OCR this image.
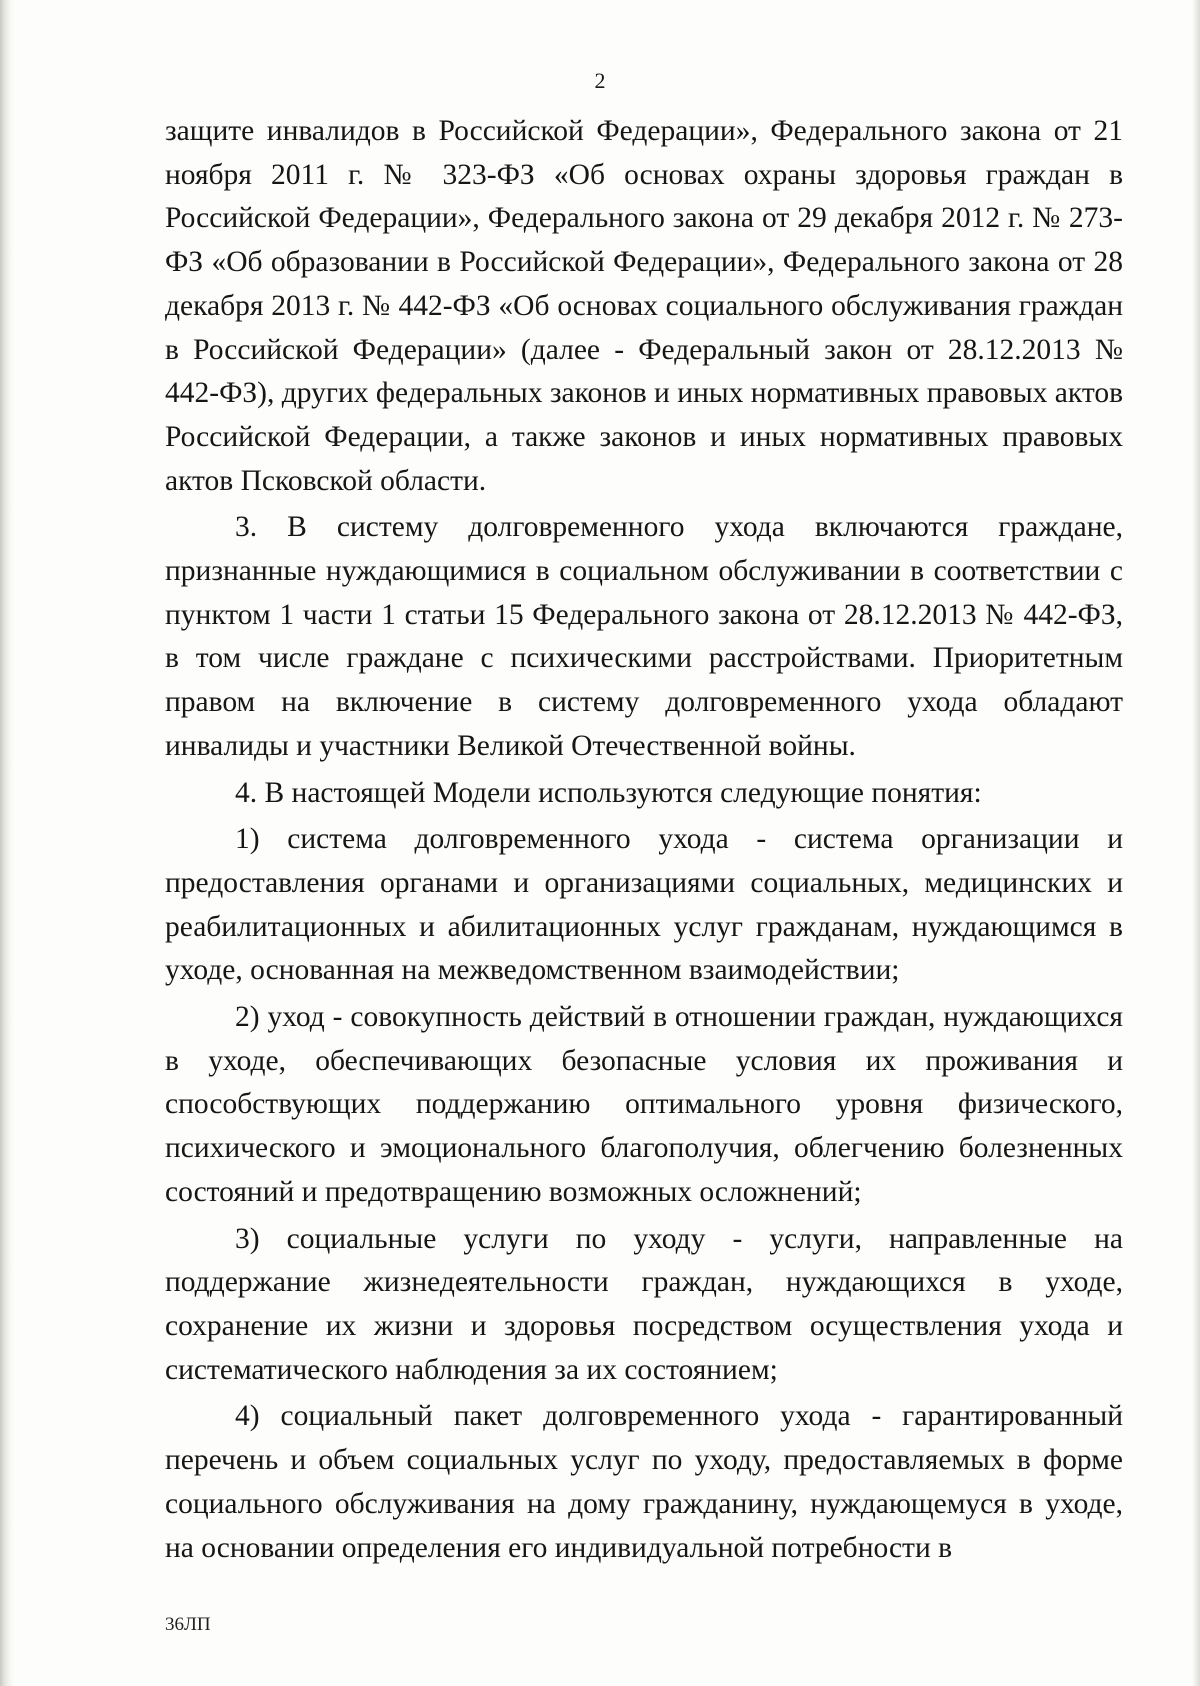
2

защите инвалидов в Российской Федерации», Федерального закона от 21 ноября 2011 г. № 323-ФЗ «Об основах охраны здоровья граждан в Российской Федерации», Федерального закона от 29 декабря 2012 г. № 273-ФЗ «Об образовании в Российской Федерации», Федерального закона от 28 декабря 2013 г. № 442-ФЗ «Об основах социального обслуживания граждан в Российской Федерации» (далее - Федеральный закон от 28.12.2013 № 442-ФЗ), других федеральных законов и иных нормативных правовых актов Российской Федерации, а также законов и иных нормативных правовых актов Псковской области.

3. В систему долговременного ухода включаются граждане, признанные нуждающимися в социальном обслуживании в соответствии с пунктом 1 части 1 статьи 15 Федерального закона от 28.12.2013 № 442-ФЗ, в том числе граждане с психическими расстройствами. Приоритетным правом на включение в систему долговременного ухода обладают инвалиды и участники Великой Отечественной войны.

4. В настоящей Модели используются следующие понятия:

1) система долговременного ухода - система организации и предоставления органами и организациями социальных, медицинских и реабилитационных и абилитационных услуг гражданам, нуждающимся в уходе, основанная на межведомственном взаимодействии;

2) уход - совокупность действий в отношении граждан, нуждающихся в уходе, обеспечивающих безопасные условия их проживания и способствующих поддержанию оптимального уровня физического, психического и эмоционального благополучия, облегчению болезненных состояний и предотвращению возможных осложнений;

3) социальные услуги по уходу - услуги, направленные на поддержание жизнедеятельности граждан, нуждающихся в уходе, сохранение их жизни и здоровья посредством осуществления ухода и систематического наблюдения за их состоянием;

4) социальный пакет долговременного ухода - гарантированный перечень и объем социальных услуг по уходу, предоставляемых в форме социального обслуживания на дому гражданину, нуждающемуся в уходе, на основании определения его индивидуальной потребности в

36ЛП
